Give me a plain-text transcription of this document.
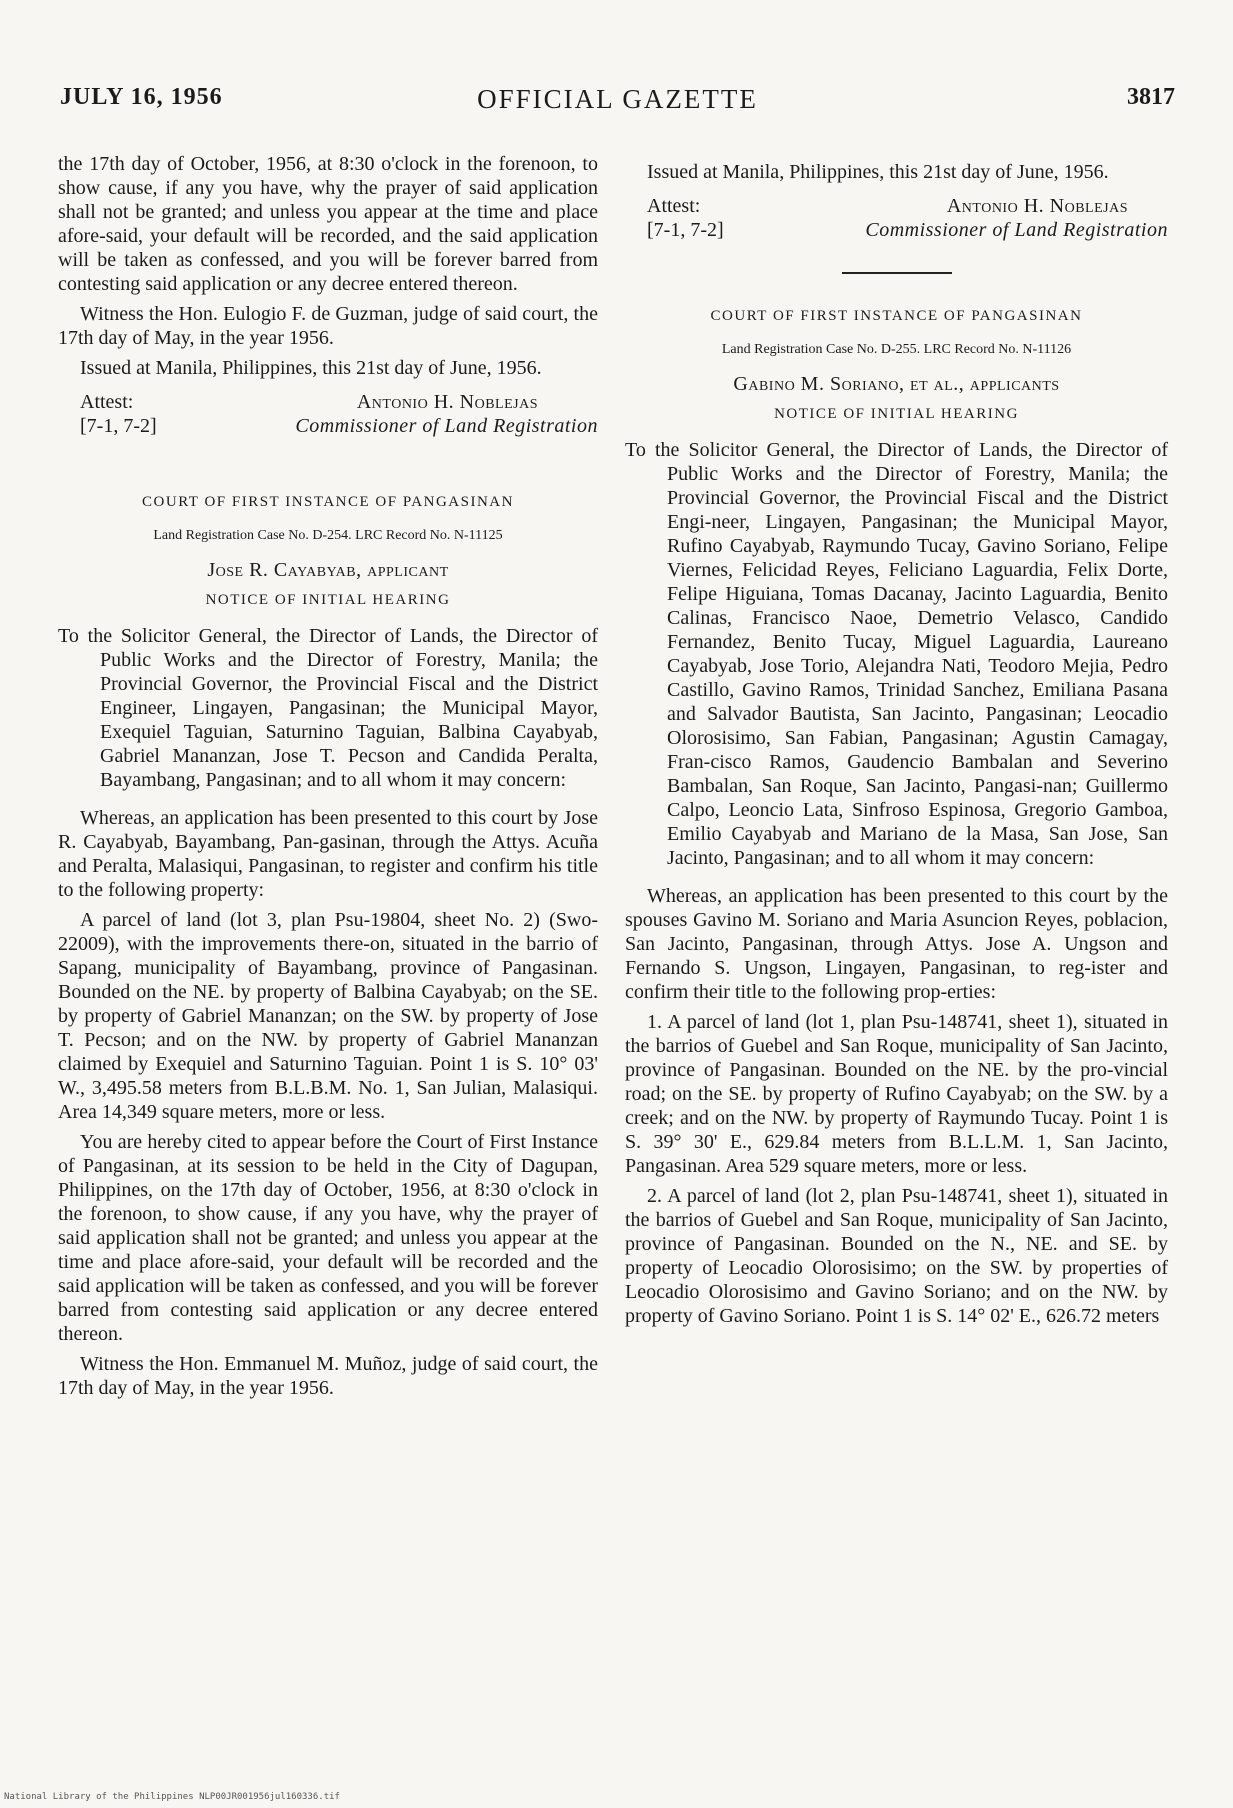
JULY 16, 1956	OFFICIAL GAZETTE	3817

the 17th day of October, 1956, at 8:30 o'clock in the forenoon, to show cause, if any you have, why the prayer of said application shall not be granted; and unless you appear at the time and place afore-said, your default will be recorded, and the said application will be taken as confessed, and you will be forever barred from contesting said application or any decree entered thereon.

Witness the Hon. Eulogio F. de Guzman, judge of said court, the 17th day of May, in the year 1956.

Issued at Manila, Philippines, this 21st day of June, 1956.

Attest:	Antonio H. Noblejas
[7-1, 7-2]	Commissioner of Land Registration
COURT OF FIRST INSTANCE OF PANGASINAN
Land Registration Case No. D-254. LRC Record No. N-11125
Jose R. Cayabyab, applicant
NOTICE OF INITIAL HEARING

To the Solicitor General, the Director of Lands, the Director of Public Works and the Director of Forestry, Manila; the Provincial Governor, the Provincial Fiscal and the District Engineer, Lingayen, Pangasinan; the Municipal Mayor, Exequiel Taguian, Saturnino Taguian, Balbina Cayabyab, Gabriel Mananzan, Jose T. Pecson and Candida Peralta, Bayambang, Pangasinan; and to all whom it may concern:

Whereas, an application has been presented to this court by Jose R. Cayabyab, Bayambang, Pan-gasinan, through the Attys. Acuña and Peralta, Malasiqui, Pangasinan, to register and confirm his title to the following property:

A parcel of land (lot 3, plan Psu-19804, sheet No. 2) (Swo-22009), with the improvements there-on, situated in the barrio of Sapang, municipality of Bayambang, province of Pangasinan. Bounded on the NE. by property of Balbina Cayabyab; on the SE. by property of Gabriel Mananzan; on the SW. by property of Jose T. Pecson; and on the NW. by property of Gabriel Mananzan claimed by Exequiel and Saturnino Taguian. Point 1 is S. 10° 03' W., 3,495.58 meters from B.L.B.M. No. 1, San Julian, Malasiqui. Area 14,349 square meters, more or less.

You are hereby cited to appear before the Court of First Instance of Pangasinan, at its session to be held in the City of Dagupan, Philippines, on the 17th day of October, 1956, at 8:30 o'clock in the forenoon, to show cause, if any you have, why the prayer of said application shall not be granted; and unless you appear at the time and place afore-said, your default will be recorded and the said application will be taken as confessed, and you will be forever barred from contesting said application or any decree entered thereon.

Witness the Hon. Emmanuel M. Muñoz, judge of said court, the 17th day of May, in the year 1956.

Issued at Manila, Philippines, this 21st day of June, 1956.

Attest:	Antonio H. Noblejas
[7-1, 7-2]	Commissioner of Land Registration
COURT OF FIRST INSTANCE OF PANGASINAN
Land Registration Case No. D-255. LRC Record No. N-11126
Gabino M. Soriano, et al., applicants
NOTICE OF INITIAL HEARING

To the Solicitor General, the Director of Lands, the Director of Public Works and the Director of Forestry, Manila; the Provincial Governor, the Provincial Fiscal and the District Engi-neer, Lingayen, Pangasinan; the Municipal Mayor, Rufino Cayabyab, Raymundo Tucay, Gavino Soriano, Felipe Viernes, Felicidad Reyes, Feliciano Laguardia, Felix Dorte, Felipe Higuiana, Tomas Dacanay, Jacinto Laguardia, Benito Calinas, Francisco Naoe, Demetrio Velasco, Candido Fernandez, Benito Tucay, Miguel Laguardia, Laureano Cayabyab, Jose Torio, Alejandra Nati, Teodoro Mejia, Pedro Castillo, Gavino Ramos, Trinidad Sanchez, Emiliana Pasana and Salvador Bautista, San Jacinto, Pangasinan; Leocadio Olorosisimo, San Fabian, Pangasinan; Agustin Camagay, Fran-cisco Ramos, Gaudencio Bambalan and Severino Bambalan, San Roque, San Jacinto, Pangasi-nan; Guillermo Calpo, Leoncio Lata, Sinfroso Espinosa, Gregorio Gamboa, Emilio Cayabyab and Mariano de la Masa, San Jose, San Jacinto, Pangasinan; and to all whom it may concern:

Whereas, an application has been presented to this court by the spouses Gavino M. Soriano and Maria Asuncion Reyes, poblacion, San Jacinto, Pangasinan, through Attys. Jose A. Ungson and Fernando S. Ungson, Lingayen, Pangasinan, to reg-ister and confirm their title to the following prop-erties:

1. A parcel of land (lot 1, plan Psu-148741, sheet 1), situated in the barrios of Guebel and San Roque, municipality of San Jacinto, province of Pangasinan. Bounded on the NE. by the pro-vincial road; on the SE. by property of Rufino Cayabyab; on the SW. by a creek; and on the NW. by property of Raymundo Tucay. Point 1 is S. 39° 30' E., 629.84 meters from B.L.L.M. 1, San Jacinto, Pangasinan. Area 529 square meters, more or less.

2. A parcel of land (lot 2, plan Psu-148741, sheet 1), situated in the barrios of Guebel and San Roque, municipality of San Jacinto, province of Pangasinan. Bounded on the N., NE. and SE. by property of Leocadio Olorosisimo; on the SW. by properties of Leocadio Olorosisimo and Gavino Soriano; and on the NW. by property of Gavino Soriano. Point 1 is S. 14° 02' E., 626.72 meters

National Library of the Philippines NLP00JR001956jul160336.tif
